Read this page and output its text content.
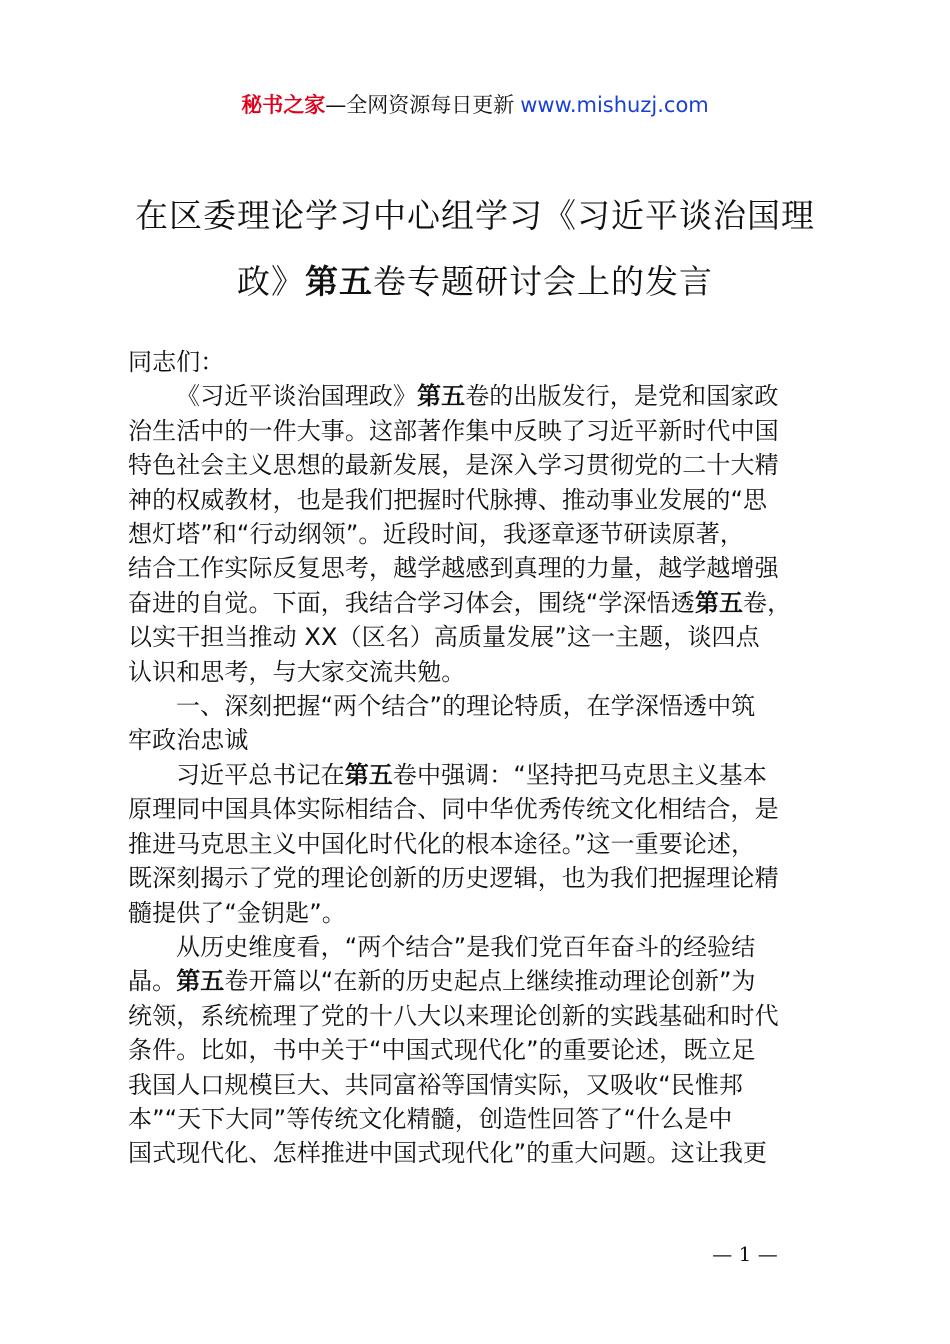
秘书之家—全网资源每日更新 www.mishuzj.com
在区委理论学习中心组学习《习近平谈治国理
政》第五卷专题研讨会上的发言
同志们：
《习近平谈治国理政》第五卷的出版发行，是党和国家政
治生活中的一件大事。这部著作集中反映了习近平新时代中国
特色社会主义思想的最新发展，是深入学习贯彻党的二十大精
神的权威教材，也是我们把握时代脉搏、推动事业发展的“思
想灯塔”和“行动纲领”。近段时间，我逐章逐节研读原著，
结合工作实际反复思考，越学越感到真理的力量，越学越增强
奋进的自觉。下面，我结合学习体会，围绕“学深悟透第五卷，
以实干担当推动 XX（区名）高质量发展”这一主题，谈四点
认识和思考，与大家交流共勉。
一、深刻把握“两个结合”的理论特质，在学深悟透中筑
牢政治忠诚
习近平总书记在第五卷中强调：“坚持把马克思主义基本
原理同中国具体实际相结合、同中华优秀传统文化相结合，是
推进马克思主义中国化时代化的根本途径。”这一重要论述，
既深刻揭示了党的理论创新的历史逻辑，也为我们把握理论精
髓提供了“金钥匙”。
从历史维度看，“两个结合”是我们党百年奋斗的经验结
晶。第五卷开篇以“在新的历史起点上继续推动理论创新”为
统领，系统梳理了党的十八大以来理论创新的实践基础和时代
条件。比如，书中关于“中国式现代化”的重要论述，既立足
我国人口规模巨大、共同富裕等国情实际，又吸收“民惟邦
本”“天下大同”等传统文化精髓，创造性回答了“什么是中
国式现代化、怎样推进中国式现代化”的重大问题。这让我更
— 1 —
